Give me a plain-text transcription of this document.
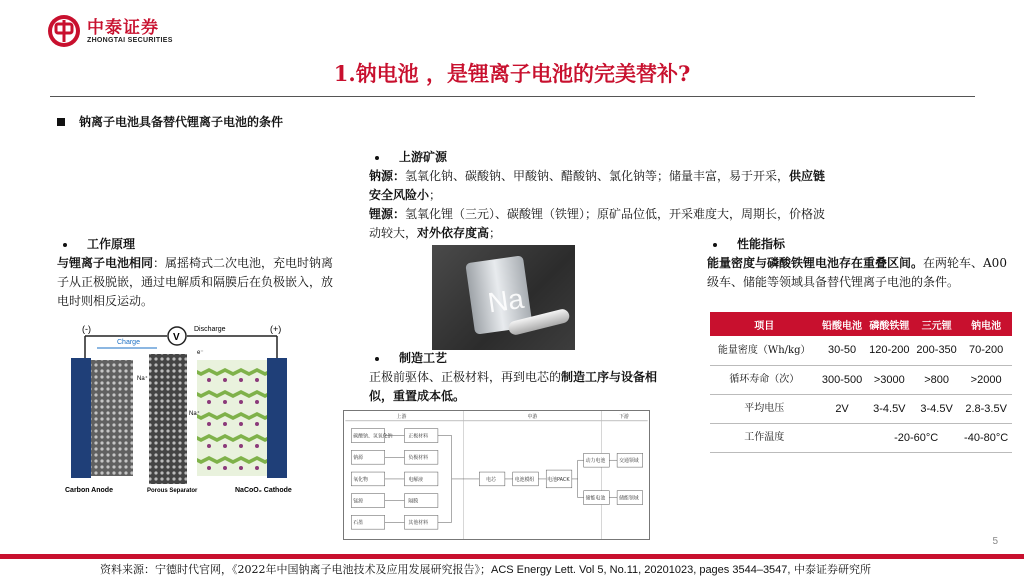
中泰证券
ZHONGTAI SECURITIES
1.钠电池 ，是锂离子电池的完美替补?
钠离子电池具备替代锂离子电池的条件
上游矿源
钠源：氢氧化钠、碳酸钠、甲酸钠、醋酸钠、氯化钠等；储量丰富，易于开采，供应链安全风险小；
锂源：氢氧化锂（三元）、碳酸锂（铁锂）；原矿品位低，开采难度大，周期长，价格波动较大，对外依存度高；
工作原理
与锂离子电池相同：属摇椅式二次电池，充电时钠离子从正极脱嵌，通过电解质和隔膜后在负极嵌入，放电时则相反运动。
性能指标
能量密度与磷酸铁锂电池存在重叠区间。在两轮车、A00级车、储能等领域具备替代锂离子电池的条件。
Na
制造工艺
正极前驱体、正极材料，再到电芯的制造工序与设备相似，重置成本低。
项目	铅酸电池	磷酸铁锂	三元锂	钠电池
能量密度（Wh/kg）	30-50	120-200	200-350	70-200
循环寿命（次）	300-500	>3000	>800	>2000
平均电压	2V	3-4.5V	3-4.5V	2.8-3.5V
工作温度	-20-60°C			-40-80°C
(-)	(+)
V
Discharge
Charge
Na⁺
Na⁺
e⁻
Carbon Anode	Porous Separator	NaCoO₂ Cathode
上游	中游	下游
碳酸钠、氢氧化钠
钠源
氧化物
锰源
石墨
正极材料
负极材料
电解液
隔膜
其他材料
电芯	电池模组	电池PACK
动力电池
储能电池
交通领域
储能领域
5
资料来源：宁德时代官网，《2022年中国钠离子电池技术及应用发展研究报告》；ACS Energy Lett. Vol 5, No.11, 20201023, pages 3544–3547, 中泰证券研究所
